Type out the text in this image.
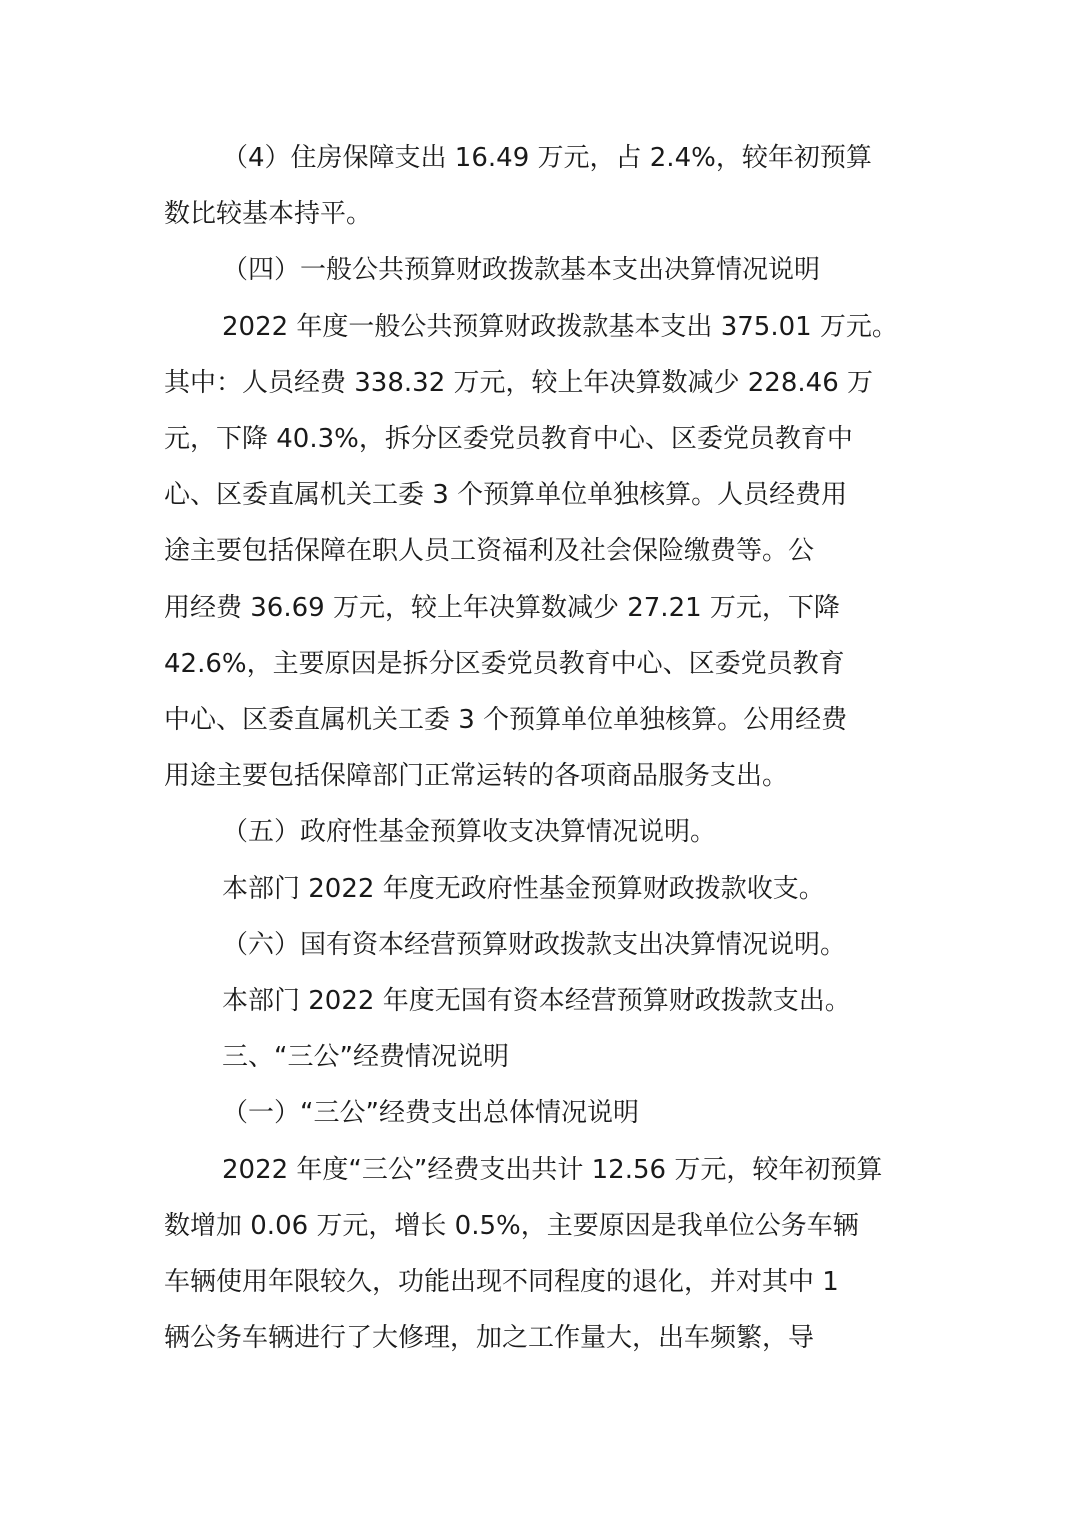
（4）住房保障支出 16.49 万元，占 2.4%，较年初预算
数比较基本持平。
（四）一般公共预算财政拨款基本支出决算情况说明
2022 年度一般公共预算财政拨款基本支出 375.01 万元。
其中：人员经费 338.32 万元，较上年决算数减少 228.46 万
元，下降 40.3%，拆分区委党员教育中心、区委党员教育中
心、区委直属机关工委 3 个预算单位单独核算。人员经费用
途主要包括保障在职人员工资福利及社会保险缴费等。公
用经费 36.69 万元，较上年决算数减少 27.21 万元，下降
42.6%，主要原因是拆分区委党员教育中心、区委党员教育
中心、区委直属机关工委 3 个预算单位单独核算。公用经费
用途主要包括保障部门正常运转的各项商品服务支出。
（五）政府性基金预算收支决算情况说明。
本部门 2022 年度无政府性基金预算财政拨款收支。
（六）国有资本经营预算财政拨款支出决算情况说明。
本部门 2022 年度无国有资本经营预算财政拨款支出。
三、“三公”经费情况说明
（一）“三公”经费支出总体情况说明
2022 年度“三公”经费支出共计 12.56 万元，较年初预算
数增加 0.06 万元，增长 0.5%，主要原因是我单位公务车辆
车辆使用年限较久，功能出现不同程度的退化，并对其中 1
辆公务车辆进行了大修理，加之工作量大，出车频繁，导
